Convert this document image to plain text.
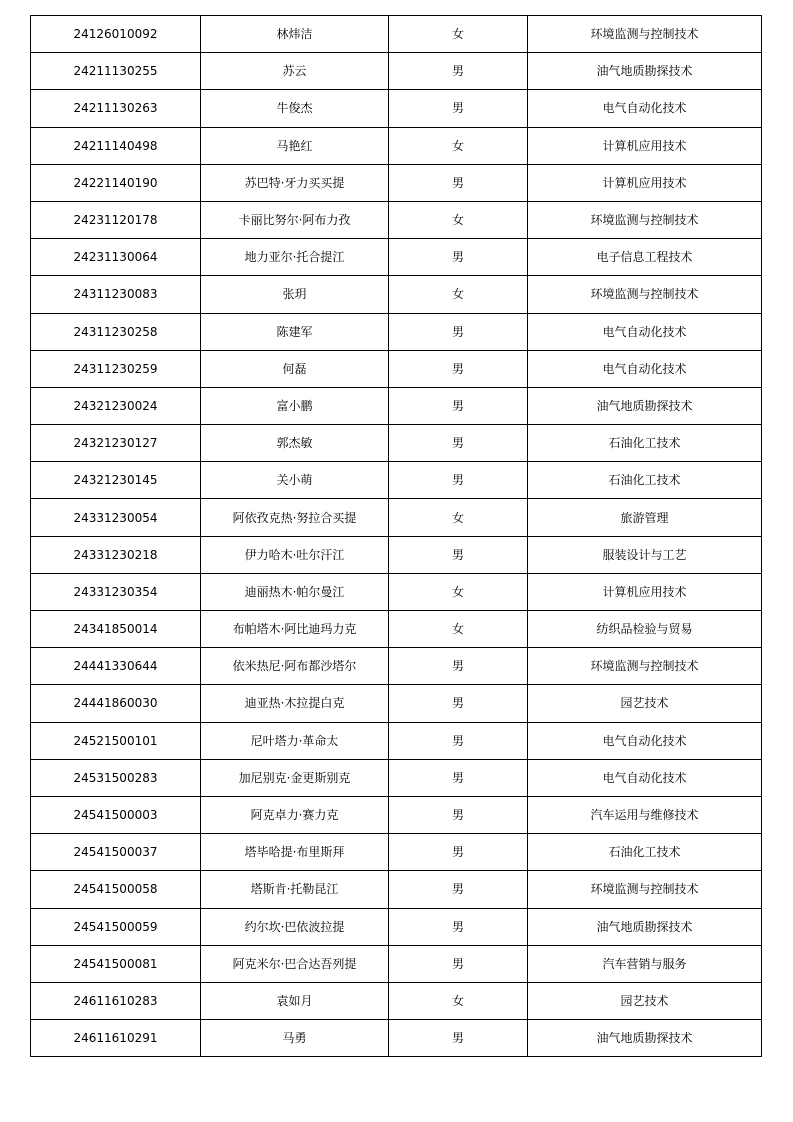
24126010092	林炜洁	女	环境监测与控制技术
24211130255	苏云	男	油气地质勘探技术
24211130263	牛俊杰	男	电气自动化技术
24211140498	马艳红	女	计算机应用技术
24221140190	苏巴特·牙力买买提	男	计算机应用技术
24231120178	卡丽比努尔·阿布力孜	女	环境监测与控制技术
24231130064	地力亚尔·托合提江	男	电子信息工程技术
24311230083	张玥	女	环境监测与控制技术
24311230258	陈建军	男	电气自动化技术
24311230259	何磊	男	电气自动化技术
24321230024	富小鹏	男	油气地质勘探技术
24321230127	郭杰敏	男	石油化工技术
24321230145	关小萌	男	石油化工技术
24331230054	阿依孜克热·努拉合买提	女	旅游管理
24331230218	伊力哈木·吐尔汗江	男	服装设计与工艺
24331230354	迪丽热木·帕尔曼江	女	计算机应用技术
24341850014	布帕塔木·阿比迪玛力克	女	纺织品检验与贸易
24441330644	依米热尼·阿布都沙塔尔	男	环境监测与控制技术
24441860030	迪亚热·木拉提白克	男	园艺技术
24521500101	尼叶塔力·革命太	男	电气自动化技术
24531500283	加尼别克·金更斯别克	男	电气自动化技术
24541500003	阿克卓力·赛力克	男	汽车运用与维修技术
24541500037	塔毕哈提·布里斯拜	男	石油化工技术
24541500058	塔斯肯·托勒昆江	男	环境监测与控制技术
24541500059	约尔坎·巴依波拉提	男	油气地质勘探技术
24541500081	阿克米尔·巴合达吾列提	男	汽车营销与服务
24611610283	袁如月	女	园艺技术
24611610291	马勇	男	油气地质勘探技术
